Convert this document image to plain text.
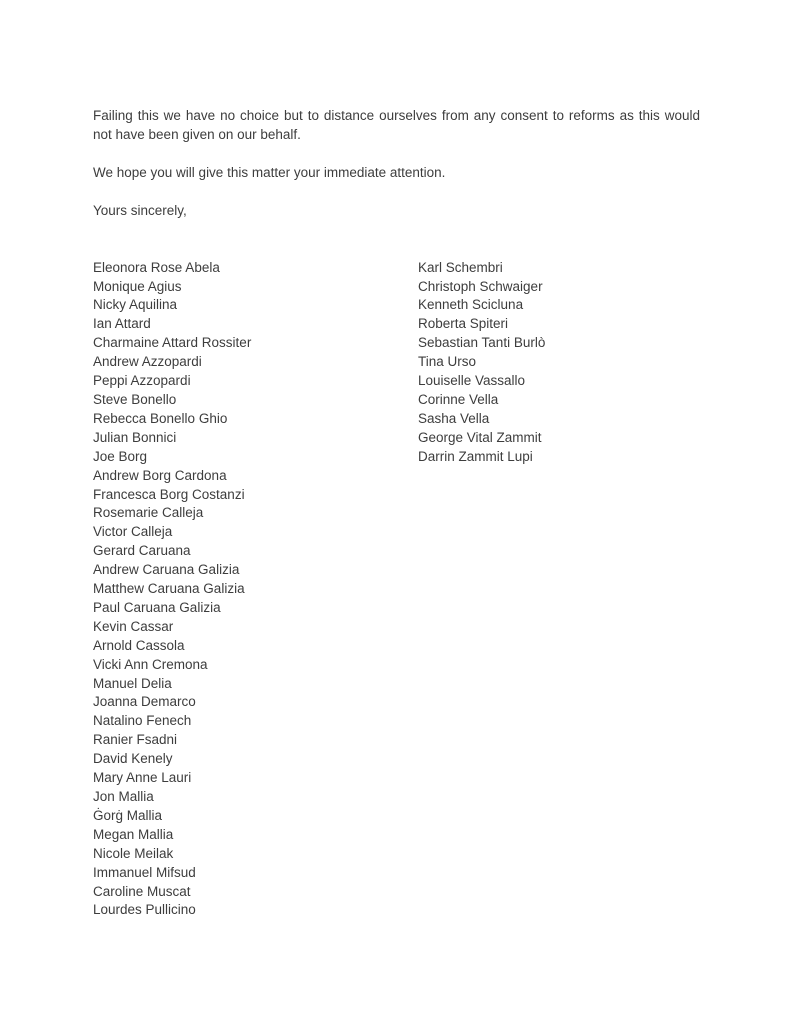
Failing this we have no choice but to distance ourselves from any consent to reforms as this would not have been given on our behalf.

We hope you will give this matter your immediate attention.

Yours sincerely,

Eleonora Rose Abela
Monique Agius
Nicky Aquilina
Ian Attard
Charmaine Attard Rossiter
Andrew Azzopardi
Peppi Azzopardi
Steve Bonello
Rebecca Bonello Ghio
Julian Bonnici
Joe Borg
Andrew Borg Cardona
Francesca Borg Costanzi
Rosemarie Calleja
Victor Calleja
Gerard Caruana
Andrew Caruana Galizia
Matthew Caruana Galizia
Paul Caruana Galizia
Kevin Cassar
Arnold Cassola
Vicki Ann Cremona
Manuel Delia
Joanna Demarco
Natalino Fenech
Ranier Fsadni
David Kenely
Mary Anne Lauri
Jon Mallia
Ġorġ Mallia
Megan Mallia
Nicole Meilak
Immanuel Mifsud
Caroline Muscat
Lourdes Pullicino
Karl Schembri
Christoph Schwaiger
Kenneth Scicluna
Roberta Spiteri
Sebastian Tanti Burlò
Tina Urso
Louiselle Vassallo
Corinne Vella
Sasha Vella
George Vital Zammit
Darrin Zammit Lupi
